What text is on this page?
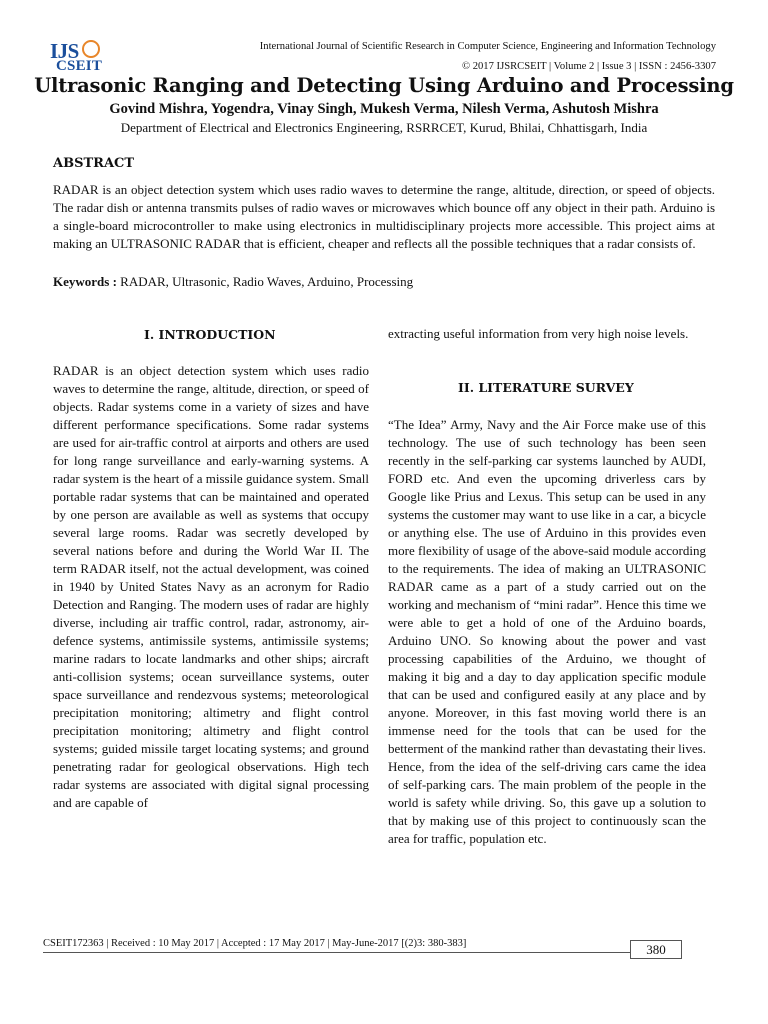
IJS
CSEIT
International Journal of Scientific Research in Computer Science, Engineering and Information Technology
© 2017 IJSRCSEIT | Volume 2 | Issue 3 | ISSN : 2456-3307
Ultrasonic Ranging and Detecting Using Arduino and Processing
Govind Mishra, Yogendra, Vinay Singh, Mukesh Verma, Nilesh Verma, Ashutosh Mishra
Department of Electrical and Electronics Engineering, RSRRCET, Kurud, Bhilai, Chhattisgarh, India
ABSTRACT
RADAR is an object detection system which uses radio waves to determine the range, altitude, direction, or speed of objects. The radar dish or antenna transmits pulses of radio waves or microwaves which bounce off any object in their path. Arduino is a single-board microcontroller to make using electronics in multidisciplinary projects more accessible. This project aims at making an ULTRASONIC RADAR that is efficient, cheaper and reflects all the possible techniques that a radar consists of.
Keywords : RADAR, Ultrasonic, Radio Waves, Arduino, Processing
I. INTRODUCTION
RADAR is an object detection system which uses radio waves to determine the range, altitude, direction, or speed of objects. Radar systems come in a variety of sizes and have different performance specifications. Some radar systems are used for air-traffic control at airports and others are used for long range surveillance and early-warning systems. A radar system is the heart of a missile guidance system. Small portable radar systems that can be maintained and operated by one person are available as well as systems that occupy several large rooms. Radar was secretly developed by several nations before and during the World War II. The term RADAR itself, not the actual development, was coined in 1940 by United States Navy as an acronym for Radio Detection and Ranging. The modern uses of radar are highly diverse, including air traffic control, radar, astronomy, air-defence systems, antimissile systems, antimissile systems; marine radars to locate landmarks and other ships; aircraft anti-collision systems; ocean surveillance systems, outer space surveillance and rendezvous systems; meteorological precipitation monitoring; altimetry and flight control precipitation monitoring; altimetry and flight control systems; guided missile target locating systems; and ground penetrating radar for geological observations. High tech radar systems are associated with digital signal processing and are capable of
extracting useful information from very high noise levels.
II. LITERATURE SURVEY
“The Idea” Army, Navy and the Air Force make use of this technology. The use of such technology has been seen recently in the self-parking car systems launched by AUDI, FORD etc. And even the upcoming driverless cars by Google like Prius and Lexus. This setup can be used in any systems the customer may want to use like in a car, a bicycle or anything else. The use of Arduino in this provides even more flexibility of usage of the above-said module according to the requirements. The idea of making an ULTRASONIC RADAR came as a part of a study carried out on the working and mechanism of “mini radar”. Hence this time we were able to get a hold of one of the Arduino boards, Arduino UNO. So knowing about the power and vast processing capabilities of the Arduino, we thought of making it big and a day to day application specific module that can be used and configured easily at any place and by anyone. Moreover, in this fast moving world there is an immense need for the tools that can be used for the betterment of the mankind rather than devastating their lives. Hence, from the idea of the self-driving cars came the idea of self-parking cars. The main problem of the people in the world is safety while driving. So, this gave up a solution to that by making use of this project to continuously scan the area for traffic, population etc.
CSEIT172363 | Received : 10 May 2017 | Accepted : 17 May 2017 | May-June-2017 [(2)3: 380-383]	380
